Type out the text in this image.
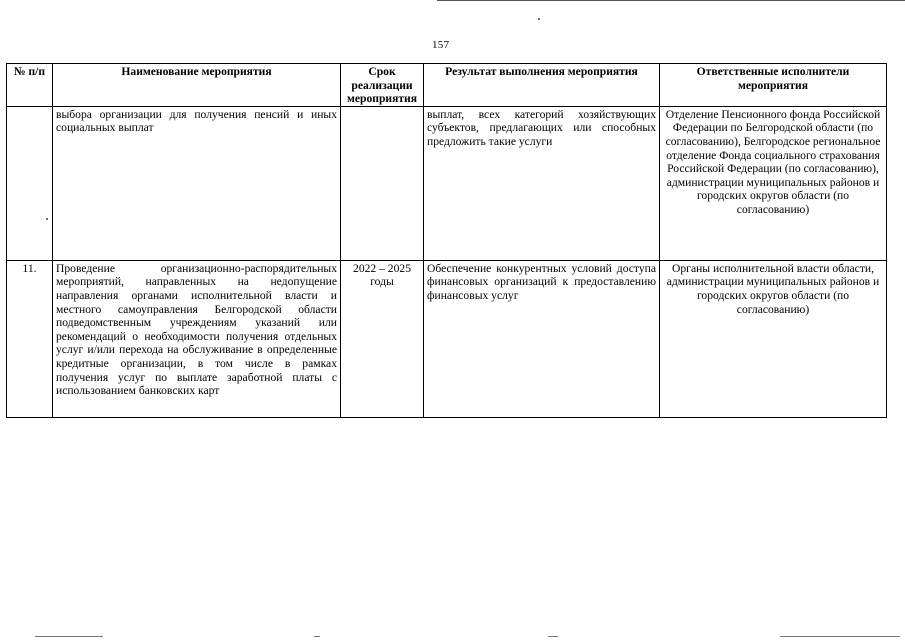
157
№ п/п	Наименование мероприятия	Срок реализации мероприятия	Результат выполнения мероприятия	Ответственные исполнители мероприятия
	выбора организации для получения пенсий и иных социальных выплат		выплат, всех категорий хозяйствующих субъектов, предлагающих или способных предложить такие услуги	Отделение Пенсионного фонда Российской Федерации по Белгородской области (по согласованию), Белгородское региональное отделение Фонда социального страхования Российской Федерации (по согласованию), администрации муниципальных районов и городских округов области (по согласованию)
11.	Проведение организационно-распорядительных мероприятий, направленных на недопущение направления органами исполнительной власти и местного самоуправления Белгородской области подведомственным учреждениям указаний или рекомендаций о необходимости получения отдельных услуг и/или перехода на обслуживание в определенные кредитные организации, в том числе в рамках получения услуг по выплате заработной платы с использованием банковских карт	2022 – 2025 годы	Обеспечение конкурентных условий доступа финансовых организаций к предоставлению финансовых услуг	Органы исполнительной власти области, администрации муниципальных районов и городских округов области (по согласованию)
